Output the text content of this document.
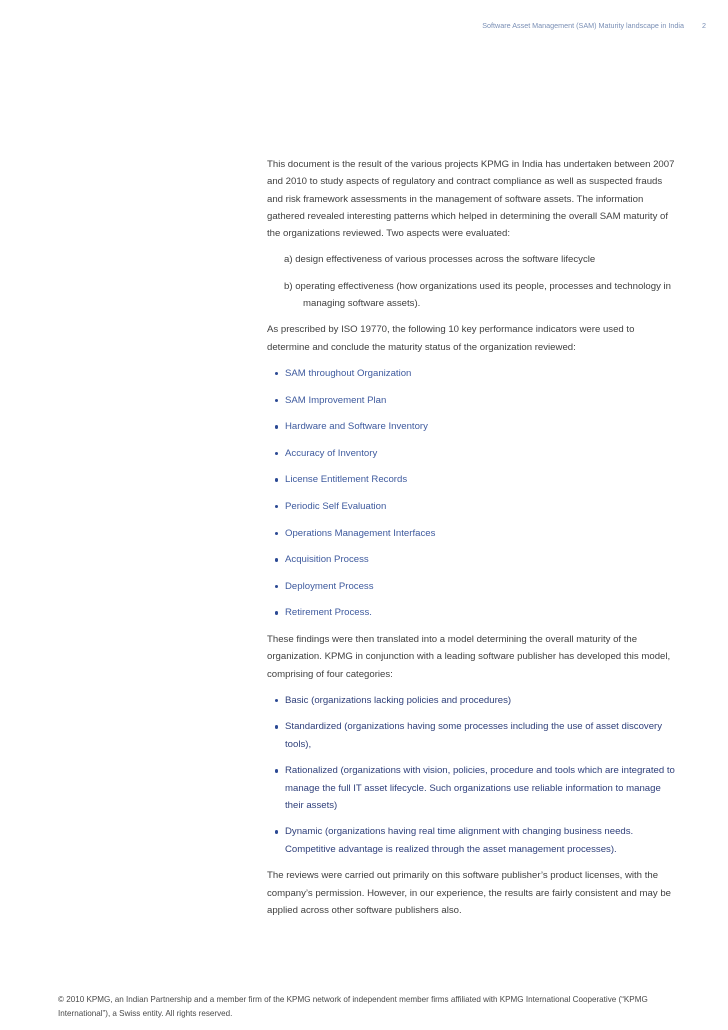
Software Asset Management (SAM) Maturity landscape in India	2

This document is the result of the various projects KPMG in India has undertaken between 2007 and 2010 to study aspects of regulatory and contract compliance as well as suspected frauds and risk framework assessments in the management of software assets. The information gathered revealed interesting patterns which helped in determining the overall SAM maturity of the organizations reviewed. Two aspects were evaluated:

a) design effectiveness of various processes across the software lifecycle
b) operating effectiveness (how organizations used its people, processes and technology in
managing software assets).

As prescribed by ISO 19770, the following 10 key performance indicators were used to determine and conclude the maturity status of the organization reviewed:

SAM throughout Organization
SAM Improvement Plan
Hardware and Software Inventory
Accuracy of Inventory
License Entitlement Records
Periodic Self Evaluation
Operations Management Interfaces
Acquisition Process
Deployment Process
Retirement Process.

These findings were then translated into a model determining the overall maturity of the organization. KPMG in conjunction with a leading software publisher has developed this model, comprising of four categories:

Basic (organizations lacking policies and procedures)
Standardized (organizations having some processes including the use of asset discovery tools),
Rationalized (organizations with vision, policies, procedure and tools which are integrated to manage the full IT asset lifecycle. Such organizations use reliable information to manage their assets)
Dynamic (organizations having real time alignment with changing business needs. Competitive advantage is realized through the asset management processes).

The reviews were carried out primarily on this software publisher’s product licenses, with the company’s permission. However, in our experience, the results are fairly consistent and may be applied across other software publishers also.

© 2010 KPMG, an Indian Partnership and a member firm of the KPMG network of independent member firms affiliated with KPMG International Cooperative (“KPMG International”), a Swiss entity. All rights reserved.
